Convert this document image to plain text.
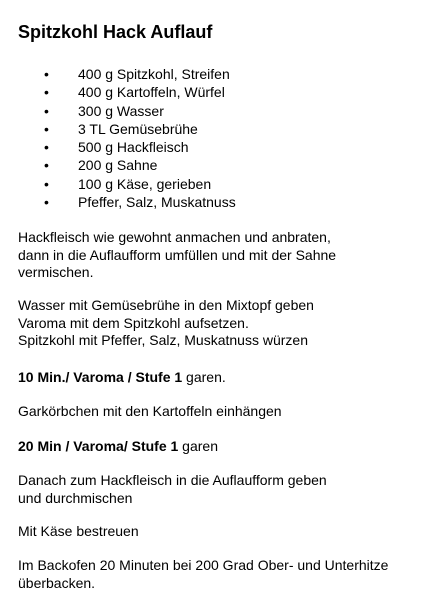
Spitzkohl Hack Auflauf
• 400 g Spitzkohl, Streifen
• 400 g Kartoffeln, Würfel
• 300 g Wasser
• 3 TL Gemüsebrühe
• 500 g Hackfleisch
• 200 g Sahne
• 100 g Käse, gerieben
• Pfeffer, Salz, Muskatnuss
Hackfleisch wie gewohnt anmachen und anbraten,
dann in die Auflaufform umfüllen und mit der Sahne
vermischen.
Wasser mit Gemüsebrühe in den Mixtopf geben
Varoma mit dem Spitzkohl aufsetzen.
Spitzkohl mit Pfeffer, Salz, Muskatnuss würzen
10 Min./ Varoma / Stufe 1 garen.
Garkörbchen mit den Kartoffeln einhängen
20 Min / Varoma/ Stufe 1 garen
Danach zum Hackfleisch in die Auflaufform geben
und durchmischen
Mit Käse bestreuen
Im Backofen 20 Minuten bei 200 Grad Ober- und Unterhitze
überbacken.
